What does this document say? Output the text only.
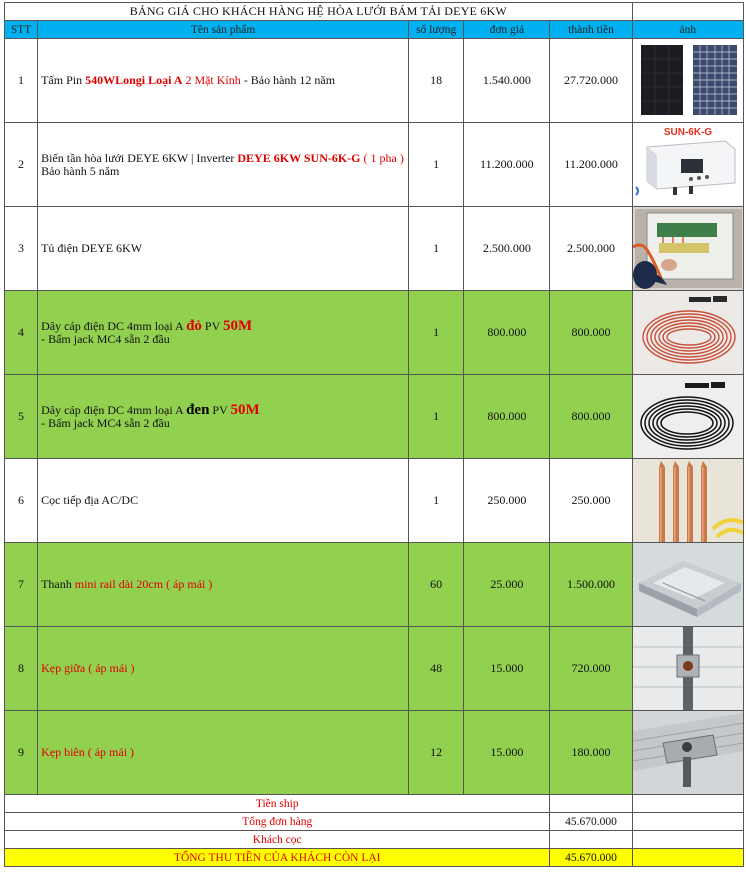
BẢNG GIÁ CHO KHÁCH HÀNG HỆ HÒA LƯỚI BÁM TẢI DEYE 6KW					
STT	Tên sản phẩm	số lượng	đơn giá	thành tiền	ảnh
1	Tấm Pin 540WLongi Loại A 2 Mặt Kính - Bảo hành 12 năm	18	1.540.000	27.720.000	

2	Biến tần hòa lưới DEYE 6KW | Inverter DEYE 6KW SUN-6K-G ( 1 pha ) Bảo hành 5 năm	1	11.200.000	11.200.000	SUN-6K-G

3	Tủ điện DEYE 6KW	1	2.500.000	2.500.000	

4	Dây cáp điện DC 4mm loại A đỏ PV 50M
- Bấm jack MC4 sẵn 2 đầu	1	800.000	800.000	

5	Dây cáp điện DC 4mm loại A đen PV 50M
- Bấm jack MC4 sẵn 2 đầu	1	800.000	800.000	

6	Cọc tiếp địa AC/DC	1	250.000	250.000	

7	Thanh mini rail dài 20cm ( áp mái )	60	25.000	1.500.000	

8	Kẹp giữa ( áp mái )	48	15.000	720.000	

9	Kẹp biên ( áp mái )	12	15.000	180.000	

Tiền ship					
Tổng đơn hàng				45.670.000	
Khách cọc					
TỔNG THU TIỀN CỦA KHÁCH CÒN LẠI				45.670.000	
